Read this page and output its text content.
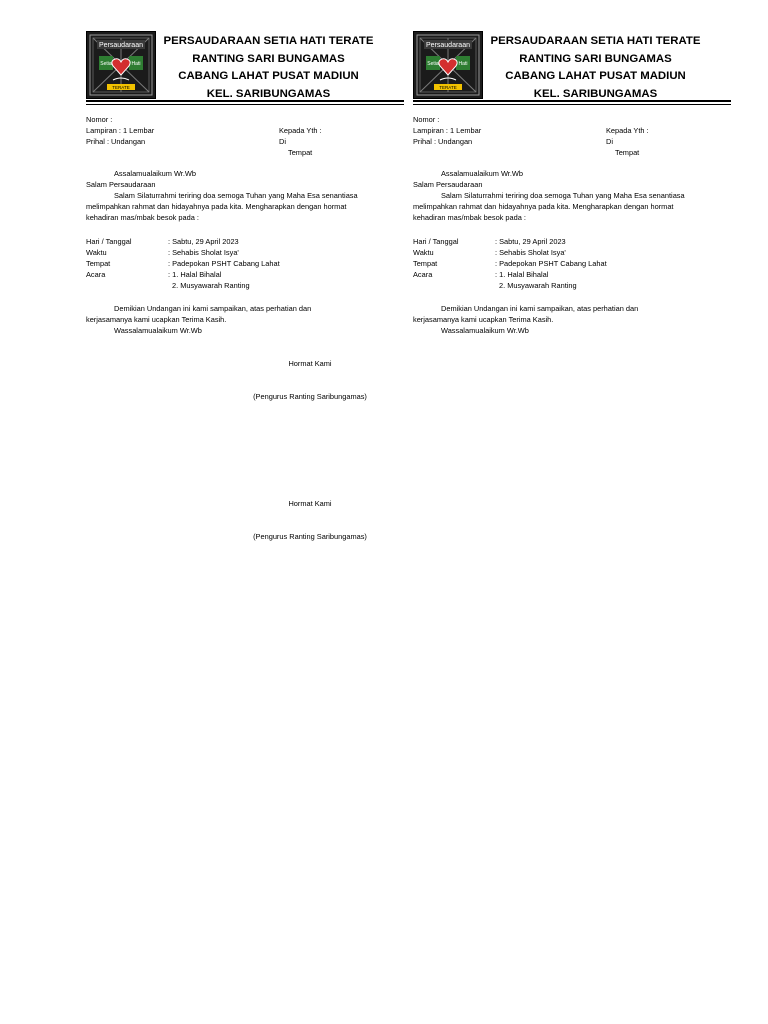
Persaudaraan
Setia	Hati
TERATE
PERSAUDARAAN SETIA HATI TERATE
RANTING SARI BUNGAMAS
CABANG LAHAT PUSAT MADIUN
KEL. SARIBUNGAMAS
Nomor :
Lampiran : 1 Lembar
Prihal : Undangan
Kepada Yth :
Di
Tempat
Assalamualaikum Wr.Wb
Salam Persaudaraan
Salam Silaturrahmi teriring doa semoga Tuhan yang Maha Esa senantiasa
melimpahkan rahmat dan hidayahnya pada kita. Mengharapkan dengan hormat
kehadiran mas/mbak besok pada :
Hari / Tanggal	: Sabtu, 29 April 2023
Waktu	: Sehabis Sholat Isya'
Tempat	: Padepokan PSHT Cabang Lahat
Acara	: 1. Halal Bihalal
2. Musyawarah Ranting
Demikian Undangan ini kami sampaikan, atas perhatian dan
kerjasamanya kami ucapkan Terima Kasih.
Wassalamualaikum Wr.Wb
Persaudaraan
Setia	Hati
TERATE
PERSAUDARAAN SETIA HATI TERATE
RANTING SARI BUNGAMAS
CABANG LAHAT PUSAT MADIUN
KEL. SARIBUNGAMAS
Nomor :
Lampiran : 1 Lembar
Prihal : Undangan
Kepada Yth :
Di
Tempat
Assalamualaikum Wr.Wb
Salam Persaudaraan
Salam Silaturrahmi teriring doa semoga Tuhan yang Maha Esa senantiasa
melimpahkan rahmat dan hidayahnya pada kita. Mengharapkan dengan hormat
kehadiran mas/mbak besok pada :
Hari / Tanggal	: Sabtu, 29 April 2023
Waktu	: Sehabis Sholat Isya'
Tempat	: Padepokan PSHT Cabang Lahat
Acara	: 1. Halal Bihalal
2. Musyawarah Ranting
Demikian Undangan ini kami sampaikan, atas perhatian dan
kerjasamanya kami ucapkan Terima Kasih.
Wassalamualaikum Wr.Wb
Hormat Kami
(Pengurus Ranting Saribungamas)
Hormat Kami
(Pengurus Ranting Saribungamas)
